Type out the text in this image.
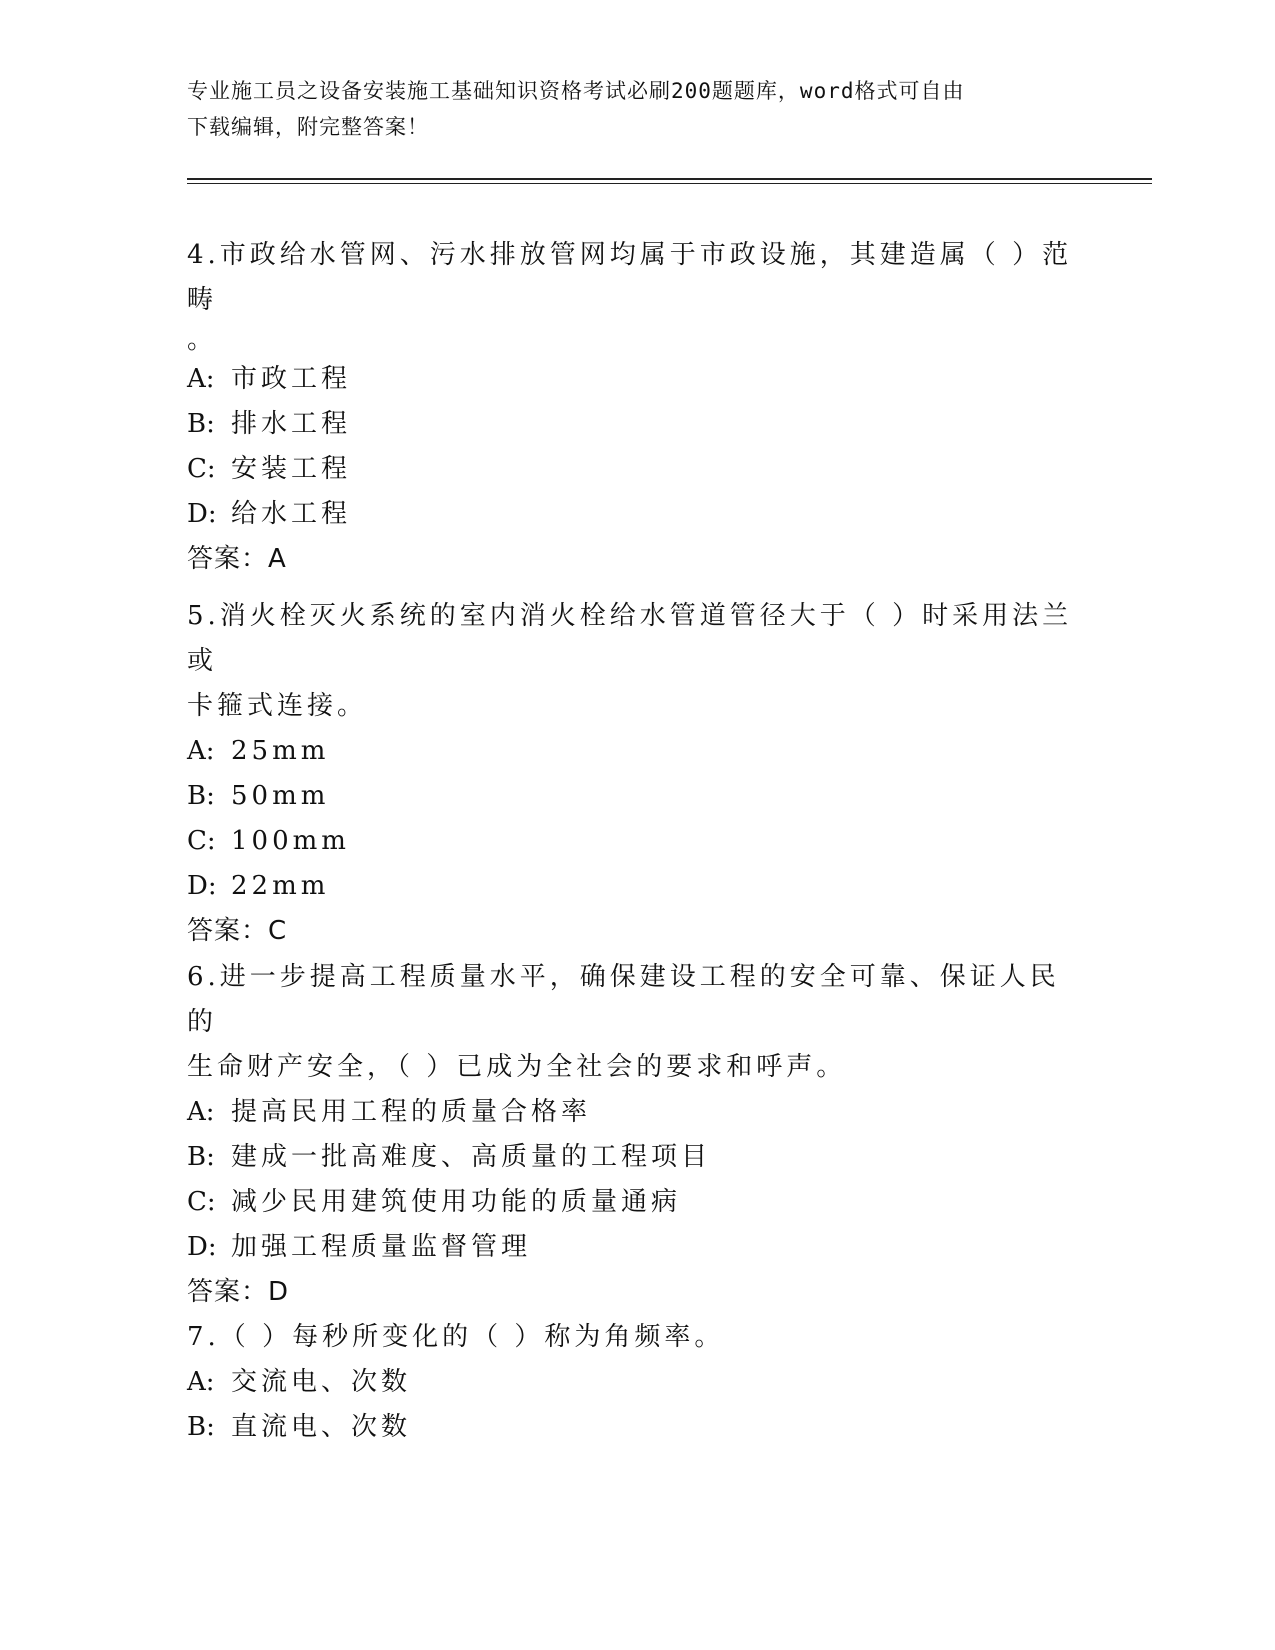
专业施工员之设备安装施工基础知识资格考试必刷200题题库，word格式可自由
下载编辑，附完整答案！

4.市政给水管网、污水排放管网均属于市政设施，其建造属（ ）范畴

。

A: 市政工程

B: 排水工程

C: 安装工程

D: 给水工程

答案：A

5.消火栓灭火系统的室内消火栓给水管道管径大于（ ）时采用法兰或

卡箍式连接。

A: 25mm

B: 50mm

C: 100mm

D: 22mm

答案：C

6.进一步提高工程质量水平，确保建设工程的安全可靠、保证人民的

生命财产安全，（ ）已成为全社会的要求和呼声。

A: 提高民用工程的质量合格率

B: 建成一批高难度、高质量的工程项目

C: 减少民用建筑使用功能的质量通病

D: 加强工程质量监督管理

答案：D

7.（ ）每秒所变化的（ ）称为角频率。

A: 交流电、次数

B: 直流电、次数
